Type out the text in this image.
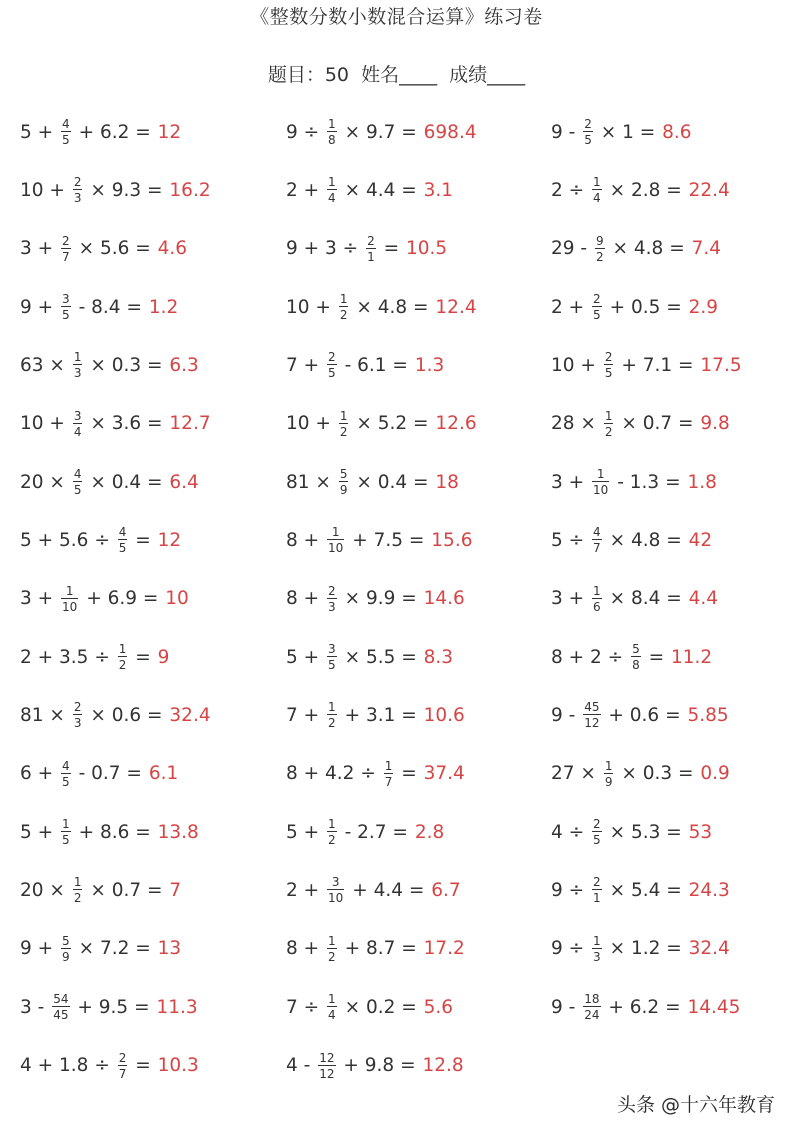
《整数分数小数混合运算》练习卷
题目：50  姓名____  成绩____
$5 + \frac{4}{5} + 6.2 = 12$	$9 \div \frac{1}{8} \times 9.7 = 698.4$	$9 - \frac{2}{5} \times 1 = 8.6$
$10 + \frac{2}{3} \times 9.3 = 16.2$	$2 + \frac{1}{4} \times 4.4 = 3.1$	$2 \div \frac{1}{4} \times 2.8 = 22.4$
$3 + \frac{2}{7} \times 5.6 = 4.6$	$9 + 3 \div \frac{2}{1} = 10.5$	$29 - \frac{9}{2} \times 4.8 = 7.4$
$9 + \frac{3}{5} - 8.4 = 1.2$	$10 + \frac{1}{2} \times 4.8 = 12.4$	$2 + \frac{2}{5} + 0.5 = 2.9$
$63 \times \frac{1}{3} \times 0.3 = 6.3$	$7 + \frac{2}{5} - 6.1 = 1.3$	$10 + \frac{2}{5} + 7.1 = 17.5$
$10 + \frac{3}{4} \times 3.6 = 12.7$	$10 + \frac{1}{2} \times 5.2 = 12.6$	$28 \times \frac{1}{2} \times 0.7 = 9.8$
$20 \times \frac{4}{5} \times 0.4 = 6.4$	$81 \times \frac{5}{9} \times 0.4 = 18$	$3 + \frac{1}{10} - 1.3 = 1.8$
$5 + 5.6 \div \frac{4}{5} = 12$	$8 + \frac{1}{10} + 7.5 = 15.6$	$5 \div \frac{4}{7} \times 4.8 = 42$
$3 + \frac{1}{10} + 6.9 = 10$	$8 + \frac{2}{3} \times 9.9 = 14.6$	$3 + \frac{1}{6} \times 8.4 = 4.4$
$2 + 3.5 \div \frac{1}{2} = 9$	$5 + \frac{3}{5} \times 5.5 = 8.3$	$8 + 2 \div \frac{5}{8} = 11.2$
$81 \times \frac{2}{3} \times 0.6 = 32.4$	$7 + \frac{1}{2} + 3.1 = 10.6$	$9 - \frac{45}{12} + 0.6 = 5.85$
$6 + \frac{4}{5} - 0.7 = 6.1$	$8 + 4.2 \div \frac{1}{7} = 37.4$	$27 \times \frac{1}{9} \times 0.3 = 0.9$
$5 + \frac{1}{5} + 8.6 = 13.8$	$5 + \frac{1}{2} - 2.7 = 2.8$	$4 \div \frac{2}{5} \times 5.3 = 53$
$20 \times \frac{1}{2} \times 0.7 = 7$	$2 + \frac{3}{10} + 4.4 = 6.7$	$9 \div \frac{2}{1} \times 5.4 = 24.3$
$9 + \frac{5}{9} \times 7.2 = 13$	$8 + \frac{1}{2} + 8.7 = 17.2$	$9 \div \frac{1}{3} \times 1.2 = 32.4$
$3 - \frac{54}{45} + 9.5 = 11.3$	$7 \div \frac{1}{4} \times 0.2 = 5.6$	$9 - \frac{18}{24} + 6.2 = 14.45$
$4 + 1.8 \div \frac{2}{7} = 10.3$	$4 - \frac{12}{12} + 9.8 = 12.8$
头条 @十六年教育
